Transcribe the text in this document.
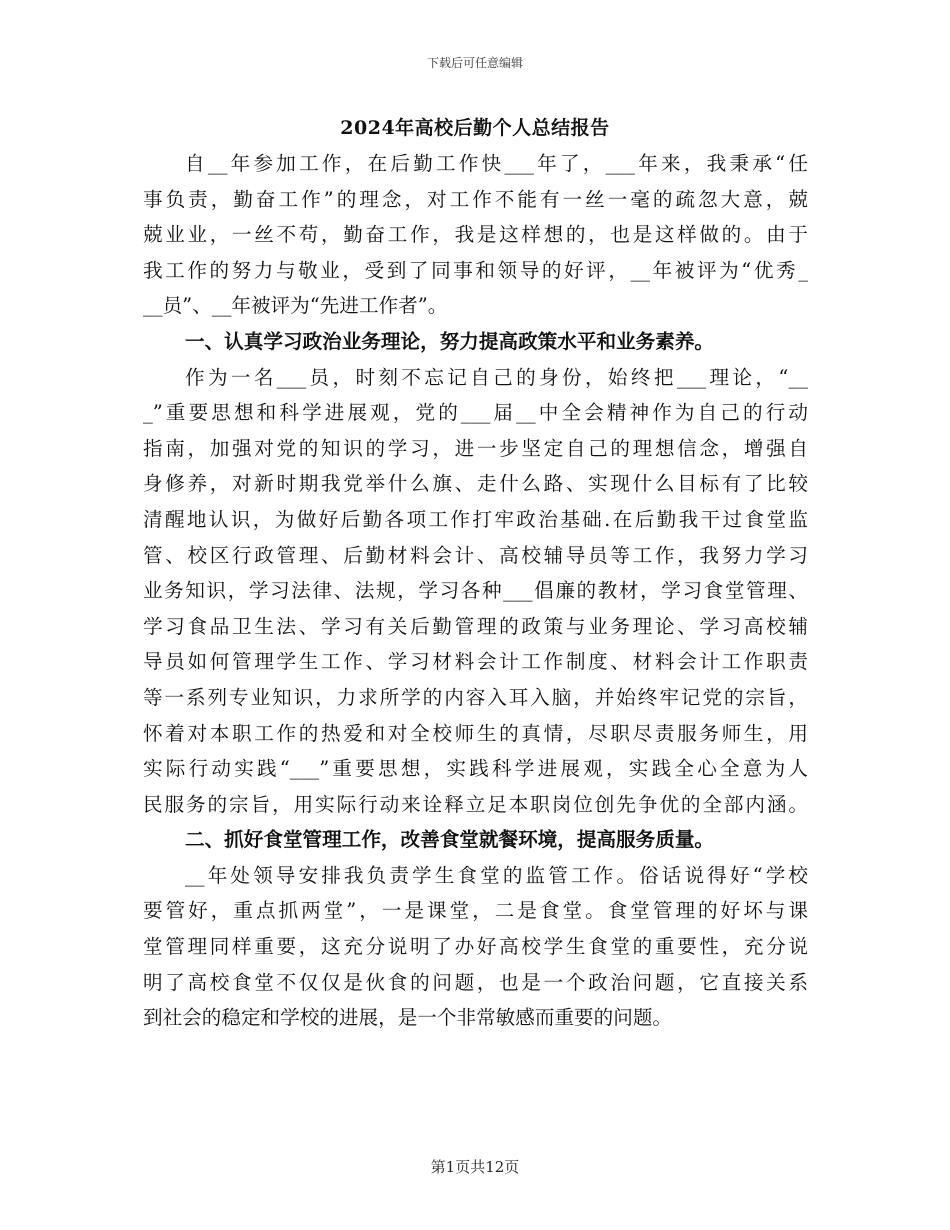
下载后可任意编辑
2024年高校后勤个人总结报告
自__年参加工作，在后勤工作快___年了，___年来，我秉承“任
事负责，勤奋工作”的理念，对工作不能有一丝一毫的疏忽大意，兢
兢业业，一丝不苟，勤奋工作，我是这样想的，也是这样做的。由于
我工作的努力与敬业，受到了同事和领导的好评，__年被评为“优秀_
__员”、__年被评为“先进工作者”。
一、认真学习政治业务理论，努力提高政策水平和业务素养。
作为一名___员，时刻不忘记自己的身份，始终把___理论，“__
_”重要思想和科学进展观，党的___届__中全会精神作为自己的行动
指南，加强对党的知识的学习，进一步坚定自己的理想信念，增强自
身修养，对新时期我党举什么旗、走什么路、实现什么目标有了比较
清醒地认识，为做好后勤各项工作打牢政治基础.在后勤我干过食堂监
管、校区行政管理、后勤材料会计、高校辅导员等工作，我努力学习
业务知识，学习法律、法规，学习各种___倡廉的教材，学习食堂管理、
学习食品卫生法、学习有关后勤管理的政策与业务理论、学习高校辅
导员如何管理学生工作、学习材料会计工作制度、材料会计工作职责
等一系列专业知识，力求所学的内容入耳入脑，并始终牢记党的宗旨，
怀着对本职工作的热爱和对全校师生的真情，尽职尽责服务师生，用
实际行动实践“___”重要思想，实践科学进展观，实践全心全意为人
民服务的宗旨，用实际行动来诠释立足本职岗位创先争优的全部内涵。
二、抓好食堂管理工作，改善食堂就餐环境，提高服务质量。
__年处领导安排我负责学生食堂的监管工作。俗话说得好“学校
要管好，重点抓两堂”，一是课堂，二是食堂。食堂管理的好坏与课
堂管理同样重要，这充分说明了办好高校学生食堂的重要性，充分说
明了高校食堂不仅仅是伙食的问题，也是一个政治问题，它直接关系
到社会的稳定和学校的进展，是一个非常敏感而重要的问题。
第1页共12页
